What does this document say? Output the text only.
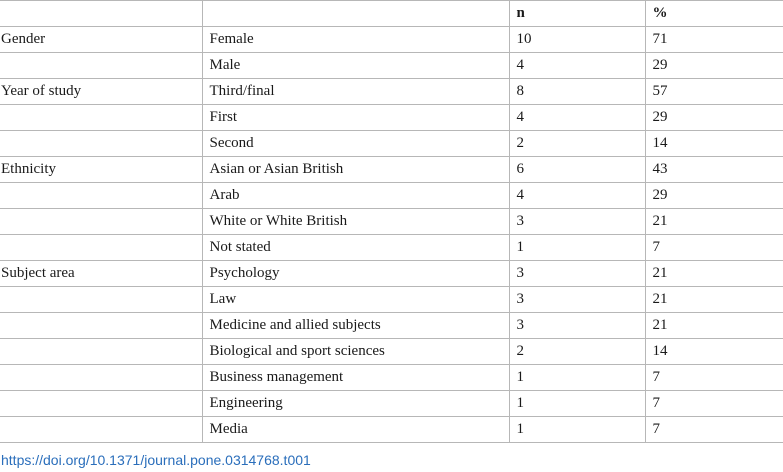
		n	%
Gender	Female	10	71
	Male	4	29
Year of study	Third/final	8	57
	First	4	29
	Second	2	14
Ethnicity	Asian or Asian British	6	43
	Arab	4	29
	White or White British	3	21
	Not stated	1	7
Subject area	Psychology	3	21
	Law	3	21
	Medicine and allied subjects	3	21
	Biological and sport sciences	2	14
	Business management	1	7
	Engineering	1	7
	Media	1	7
https://doi.org/10.1371/journal.pone.0314768.t001
